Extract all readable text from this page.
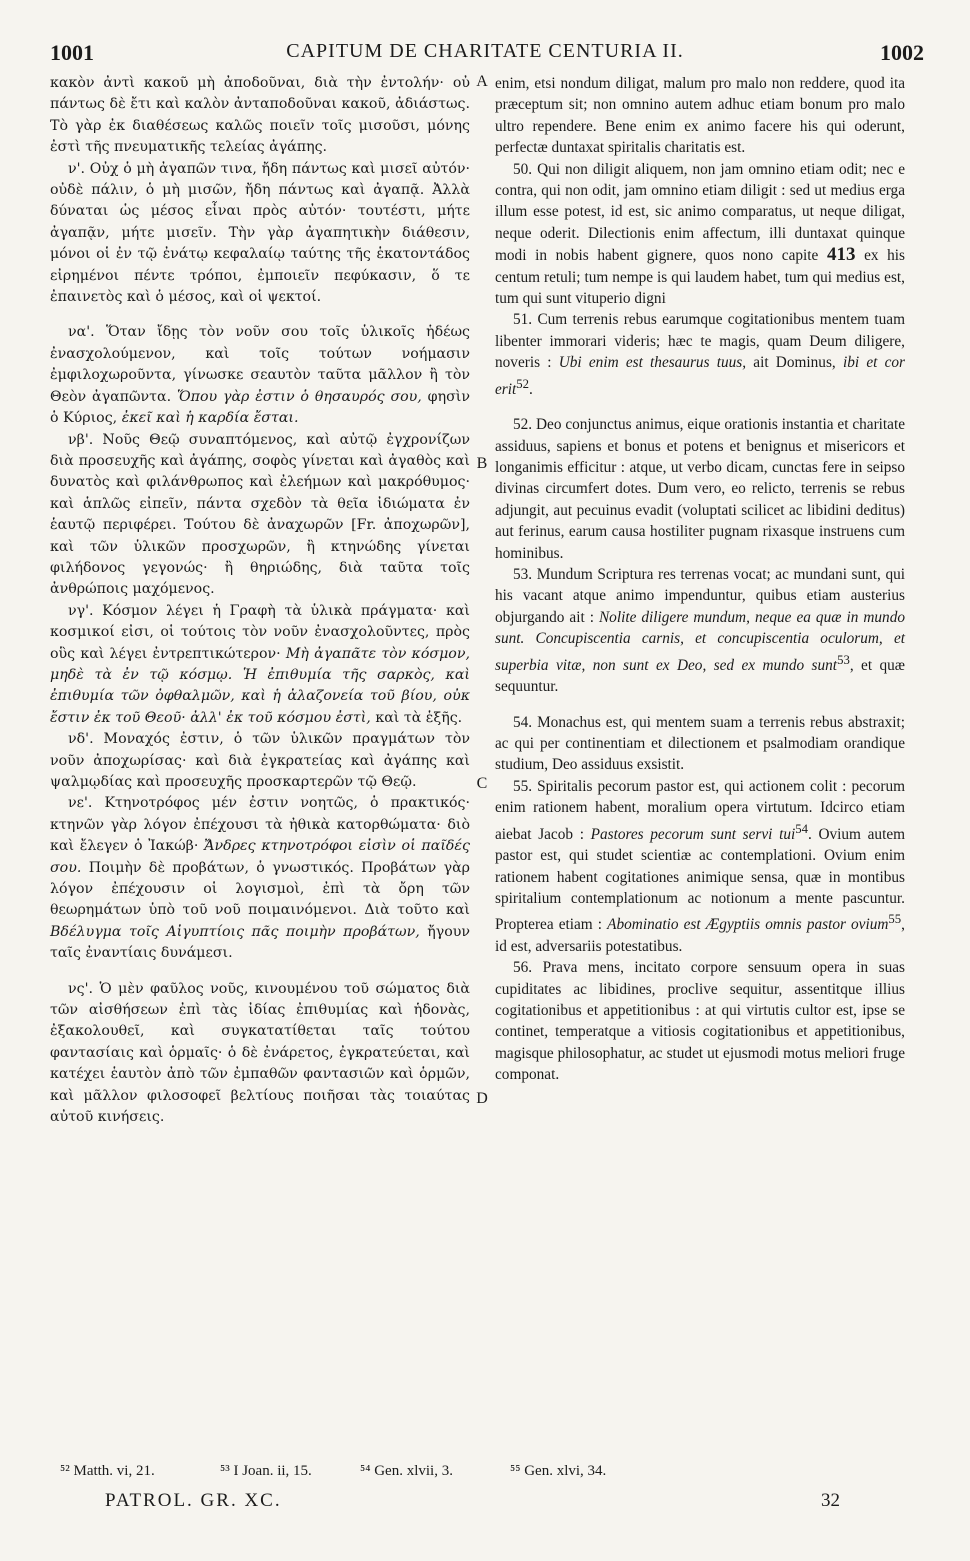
1001	CAPITUM DE CHARITATE CENTURIA II.	1002

κακὸν ἀντὶ κακοῦ μὴ ἀποδοῦναι, διὰ τὴν ἐντολήν· οὐ πάντως δὲ ἔτι καὶ καλὸν ἀνταποδοῦναι κακοῦ, ἀδιάστως. Τὸ γὰρ ἐκ διαθέσεως καλῶς ποιεῖν τοῖς μισοῦσι, μόνης ἐστὶ τῆς πνευματικῆς τελείας ἀγάπης.

ν'. Οὐχ ὁ μὴ ἀγαπῶν τινα, ἤδη πάντως καὶ μισεῖ αὐτόν· οὐδὲ πάλιν, ὁ μὴ μισῶν, ἤδη πάντως καὶ ἀγαπᾷ. Ἀλλὰ δύναται ὡς μέσος εἶναι πρὸς αὐτόν· τουτέστι, μήτε ἀγαπᾷν, μήτε μισεῖν. Τὴν γὰρ ἀγαπητικὴν διάθεσιν, μόνοι οἱ ἐν τῷ ἐνάτῳ κεφαλαίῳ ταύτης τῆς ἑκατοντάδος εἰρημένοι πέντε τρόποι, ἐμποιεῖν πεφύκασιν, ὅ τε ἐπαινετὸς καὶ ὁ μέσος, καὶ οἱ ψεκτοί.

να'. Ὅταν ἴδῃς τὸν νοῦν σου τοῖς ὑλικοῖς ἡδέως ἐνασχολούμενον, καὶ τοῖς τούτων νοήμασιν ἐμφιλοχωροῦντα, γίνωσκε σεαυτὸν ταῦτα μᾶλλον ἢ τὸν Θεὸν ἀγαπῶντα. Ὅπου γὰρ ἐστιν ὁ θησαυρός σου, φησὶν ὁ Κύριος, ἐκεῖ καὶ ἡ καρδία ἔσται.

νβ'. Νοῦς Θεῷ συναπτόμενος, καὶ αὐτῷ ἐγχρονίζων διὰ προσευχῆς καὶ ἀγάπης, σοφὸς γίνεται καὶ ἀγαθὸς καὶ δυνατὸς καὶ φιλάνθρωπος καὶ ἐλεήμων καὶ μακρόθυμος· καὶ ἁπλῶς εἰπεῖν, πάντα σχεδὸν τὰ θεῖα ἰδιώματα ἐν ἑαυτῷ περιφέρει. Τούτου δὲ ἀναχωρῶν [Fr. ἀποχωρῶν], καὶ τῶν ὑλικῶν προσχωρῶν, ἢ κτηνώδης γίνεται φιλήδονος γεγονώς· ἢ θηριώδης, διὰ ταῦτα τοῖς ἀνθρώποις μαχόμενος.

νγ'. Κόσμον λέγει ἡ Γραφὴ τὰ ὑλικὰ πράγματα· καὶ κοσμικοί εἰσι, οἱ τούτοις τὸν νοῦν ἐνασχολοῦντες, πρὸς οὓς καὶ λέγει ἐντρεπτικώτερον· Μὴ ἀγαπᾶτε τὸν κόσμον, μηδὲ τὰ ἐν τῷ κόσμῳ. Ἡ ἐπιθυμία τῆς σαρκὸς, καὶ ἐπιθυμία τῶν ὀφθαλμῶν, καὶ ἡ ἀλαζονεία τοῦ βίου, οὐκ ἔστιν ἐκ τοῦ Θεοῦ· ἀλλ' ἐκ τοῦ κόσμου ἐστὶ, καὶ τὰ ἑξῆς.

νδ'. Μοναχός ἐστιν, ὁ τῶν ὑλικῶν πραγμάτων τὸν νοῦν ἀποχωρίσας· καὶ διὰ ἐγκρατείας καὶ ἀγάπης καὶ ψαλμῳδίας καὶ προσευχῆς προσκαρτερῶν τῷ Θεῷ.

νε'. Κτηνοτρόφος μέν ἐστιν νοητῶς, ὁ πρακτικός· κτηνῶν γὰρ λόγον ἐπέχουσι τὰ ἠθικὰ κατορθώματα· διὸ καὶ ἔλεγεν ὁ Ἰακώβ· Ἄνδρες κτηνοτρόφοι εἰσὶν οἱ παῖδές σου. Ποιμὴν δὲ προβάτων, ὁ γνωστικός. Προβάτων γὰρ λόγον ἐπέχουσιν οἱ λογισμοὶ, ἐπὶ τὰ ὄρη τῶν θεωρημάτων ὑπὸ τοῦ νοῦ ποιμαινόμενοι. Διὰ τοῦτο καὶ Βδέλυγμα τοῖς Αἰγυπτίοις πᾶς ποιμὴν προβάτων, ἤγουν ταῖς ἐναντίαις δυνάμεσι.

νς'. Ὁ μὲν φαῦλος νοῦς, κινουμένου τοῦ σώματος διὰ τῶν αἰσθήσεων ἐπὶ τὰς ἰδίας ἐπιθυμίας καὶ ἡδονὰς, ἐξακολουθεῖ, καὶ συγκατατίθεται ταῖς τούτου φαντασίαις καὶ ὁρμαῖς· ὁ δὲ ἐνάρετος, ἐγκρατεύεται, καὶ κατέχει ἑαυτὸν ἀπὸ τῶν ἐμπαθῶν φαντασιῶν καὶ ὁρμῶν, καὶ μᾶλλον φιλοσοφεῖ βελτίους ποιῆσαι τὰς τοιαύτας αὐτοῦ κινήσεις.

A
B
C
D

enim, etsi nondum diligat, malum pro malo non reddere, quod ita præceptum sit; non omnino autem adhuc etiam bonum pro malo ultro rependere. Bene enim ex animo facere his qui oderunt, perfectæ duntaxat spiritalis charitatis est.

50. Qui non diligit aliquem, non jam omnino etiam odit; nec e contra, qui non odit, jam omnino etiam diligit : sed ut medius erga illum esse potest, id est, sic animo comparatus, ut neque diligat, neque oderit. Dilectionis enim affectum, illi duntaxat quinque modi in nobis habent gignere, quos nono capite 413 ex his centum retuli; tum nempe is qui laudem habet, tum qui medius est, tum qui sunt vituperio digni

51. Cum terrenis rebus earumque cogitationibus mentem tuam libenter immorari videris; hæc te magis, quam Deum diligere, noveris : Ubi enim est thesaurus tuus, ait Dominus, ibi et cor erit$^{52}$.

52. Deo conjunctus animus, eique orationis instantia et charitate assiduus, sapiens et bonus et potens et benignus et misericors et longanimis efficitur : atque, ut verbo dicam, cunctas fere in seipso divinas circumfert dotes. Dum vero, eo relicto, terrenis se rebus adjungit, aut pecuinus evadit (voluptati scilicet ac libidini deditus) aut ferinus, earum causa hostiliter pugnam rixasque instruens cum hominibus.

53. Mundum Scriptura res terrenas vocat; ac mundani sunt, qui his vacant atque animo impenduntur, quibus etiam austerius objurgando ait : Nolite diligere mundum, neque ea quæ in mundo sunt. Concupiscentia carnis, et concupiscentia oculorum, et superbia vitæ, non sunt ex Deo, sed ex mundo sunt$^{53}$, et quæ sequuntur.

54. Monachus est, qui mentem suam a terrenis rebus abstraxit; ac qui per continentiam et dilectionem et psalmodiam orandique studium, Deo assiduus exsistit.

55. Spiritalis pecorum pastor est, qui actionem colit : pecorum enim rationem habent, moralium opera virtutum. Idcirco etiam aiebat Jacob : Pastores pecorum sunt servi tui$^{54}$. Ovium autem pastor est, qui studet scientiæ ac contemplationi. Ovium enim rationem habent cogitationes animique sensa, quæ in montibus spiritalium contemplationum ac notionum a mente pascuntur. Propterea etiam : Abominatio est Ægyptiis omnis pastor ovium$^{55}$, id est, adversariis potestatibus.

56. Prava mens, incitato corpore sensuum opera in suas cupiditates ac libidines, proclive sequitur, assentitque illius cogitationibus et appetitionibus : at qui virtutis cultor est, ipse se continet, temperatque a vitiosis cogitationibus et appetitionibus, magisque philosophatur, ac studet ut ejusmodi motus meliori fruge componat.

⁵² Matth. vi, 21.	⁵³ I Joan. ii, 15.	⁵⁴ Gen. xlvii, 3.	⁵⁵ Gen. xlvi, 34.
PATROL. GR. XC.	32
